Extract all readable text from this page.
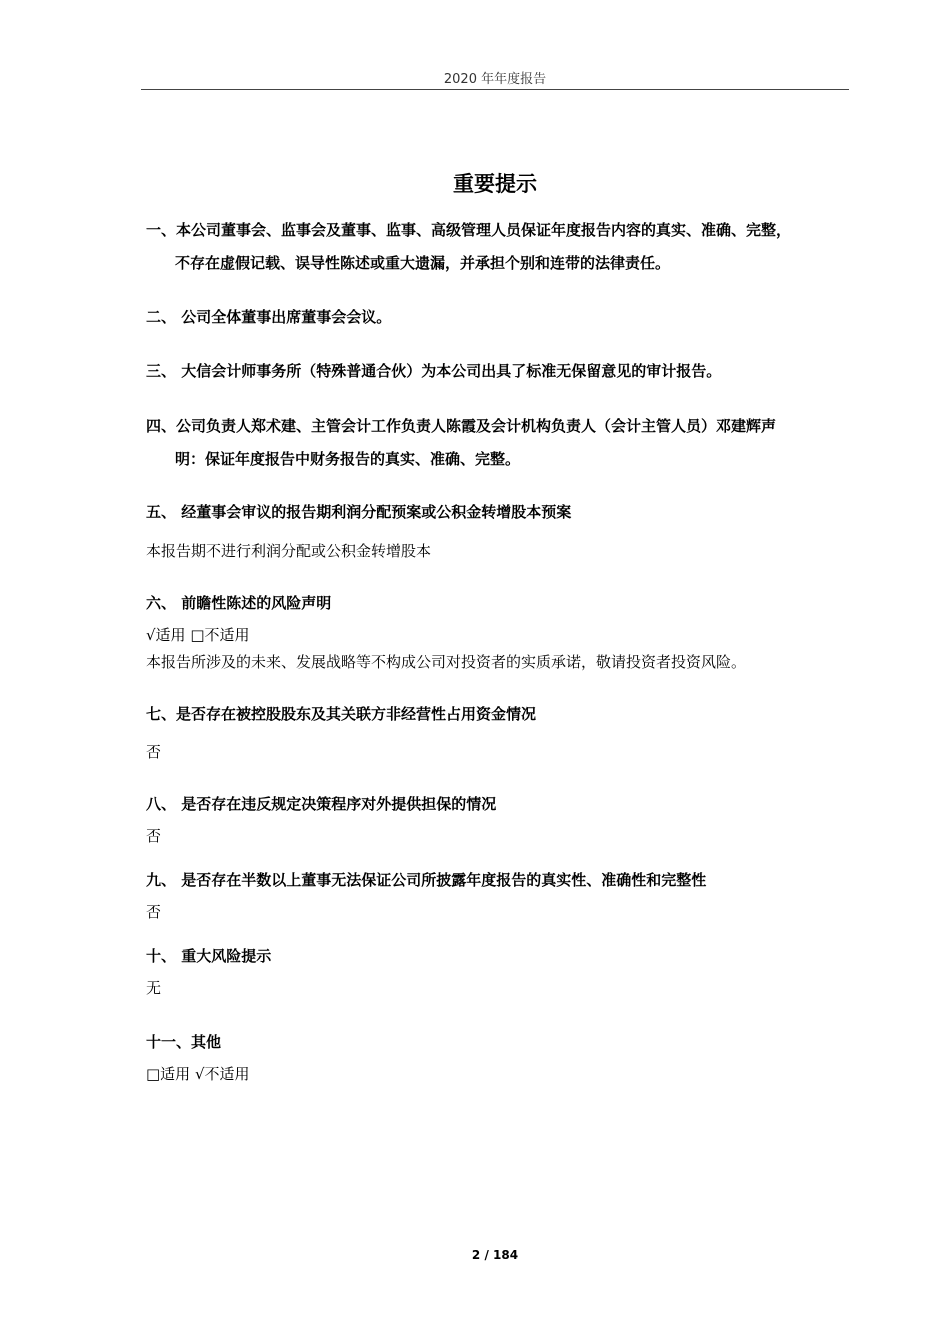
2020 年年度报告
重要提示
一、本公司董事会、监事会及董事、监事、高级管理人员保证年度报告内容的真实、准确、完整，
不存在虚假记载、误导性陈述或重大遗漏，并承担个别和连带的法律责任。
二、 公司全体董事出席董事会会议。
三、 大信会计师事务所（特殊普通合伙）为本公司出具了标准无保留意见的审计报告。
四、公司负责人郑术建、主管会计工作负责人陈霞及会计机构负责人（会计主管人员）邓建辉声
明：保证年度报告中财务报告的真实、准确、完整。
五、 经董事会审议的报告期利润分配预案或公积金转增股本预案
本报告期不进行利润分配或公积金转增股本
六、 前瞻性陈述的风险声明
√适用 □不适用
本报告所涉及的未来、发展战略等不构成公司对投资者的实质承诺，敬请投资者投资风险。
七、是否存在被控股股东及其关联方非经营性占用资金情况
否
八、 是否存在违反规定决策程序对外提供担保的情况
否
九、 是否存在半数以上董事无法保证公司所披露年度报告的真实性、准确性和完整性
否
十、 重大风险提示
无
十一、其他
□适用 √不适用
2 / 184
